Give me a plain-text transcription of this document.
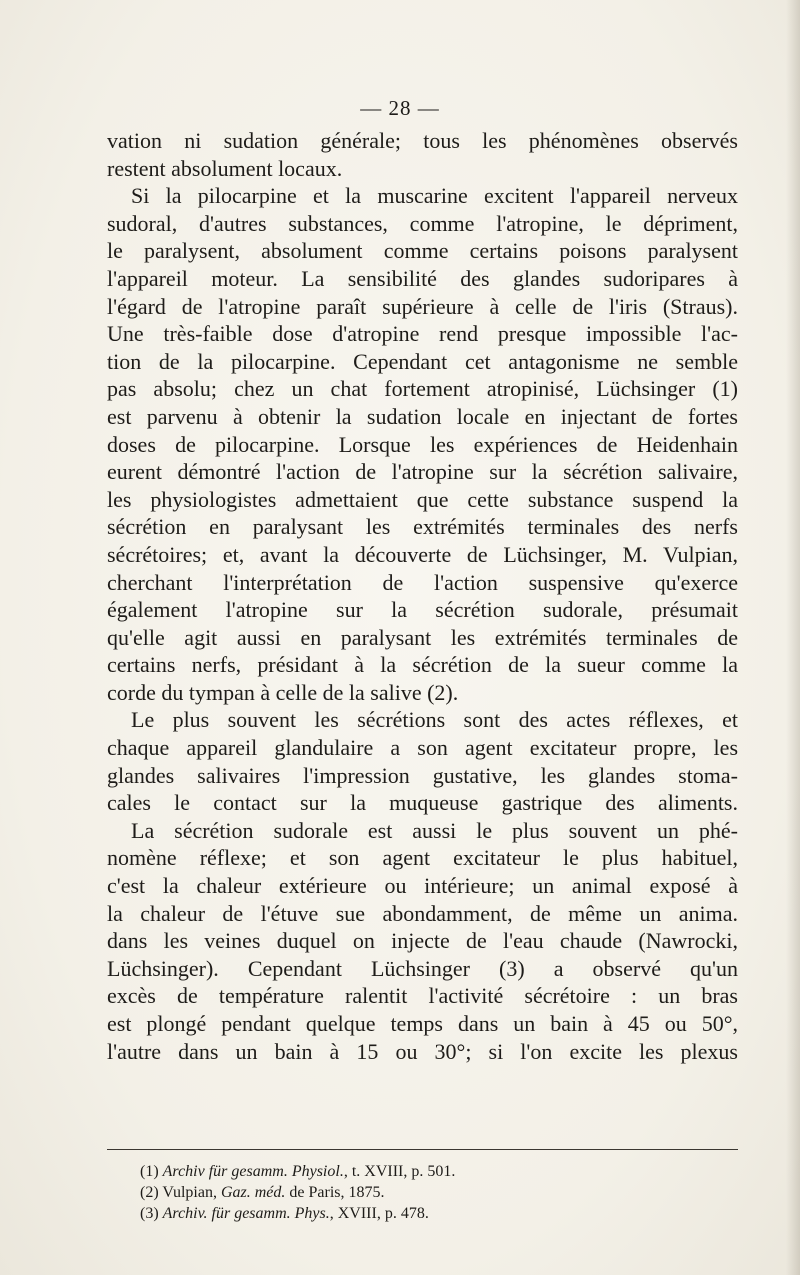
— 28 —
vation ni sudation générale; tous les phénomènes observés
restent absolument locaux.
Si la pilocarpine et la muscarine excitent l'appareil nerveux
sudoral, d'autres substances, comme l'atropine, le dépriment,
le paralysent, absolument comme certains poisons paralysent
l'appareil moteur. La sensibilité des glandes sudoripares à
l'égard de l'atropine paraît supérieure à celle de l'iris (Straus).
Une très-faible dose d'atropine rend presque impossible l'ac-
tion de la pilocarpine. Cependant cet antagonisme ne semble
pas absolu; chez un chat fortement atropinisé, Lüchsinger (1)
est parvenu à obtenir la sudation locale en injectant de fortes
doses de pilocarpine. Lorsque les expériences de Heidenhain
eurent démontré l'action de l'atropine sur la sécrétion salivaire,
les physiologistes admettaient que cette substance suspend la
sécrétion en paralysant les extrémités terminales des nerfs
sécrétoires; et, avant la découverte de Lüchsinger, M. Vulpian,
cherchant l'interprétation de l'action suspensive qu'exerce
également l'atropine sur la sécrétion sudorale, présumait
qu'elle agit aussi en paralysant les extrémités terminales de
certains nerfs, présidant à la sécrétion de la sueur comme la
corde du tympan à celle de la salive (2).
Le plus souvent les sécrétions sont des actes réflexes, et
chaque appareil glandulaire a son agent excitateur propre, les
glandes salivaires l'impression gustative, les glandes stoma-
cales le contact sur la muqueuse gastrique des aliments.
La sécrétion sudorale est aussi le plus souvent un phé-
nomène réflexe; et son agent excitateur le plus habituel,
c'est la chaleur extérieure ou intérieure; un animal exposé à
la chaleur de l'étuve sue abondamment, de même un anima.
dans les veines duquel on injecte de l'eau chaude (Nawrocki,
Lüchsinger). Cependant Lüchsinger (3) a observé qu'un
excès de température ralentit l'activité sécrétoire : un bras
est plongé pendant quelque temps dans un bain à 45 ou 50°,
l'autre dans un bain à 15 ou 30°; si l'on excite les plexus
(1) Archiv für gesamm. Physiol., t. XVIII, p. 501.
(2) Vulpian, Gaz. méd. de Paris, 1875.
(3) Archiv. für gesamm. Phys., XVIII, p. 478.
